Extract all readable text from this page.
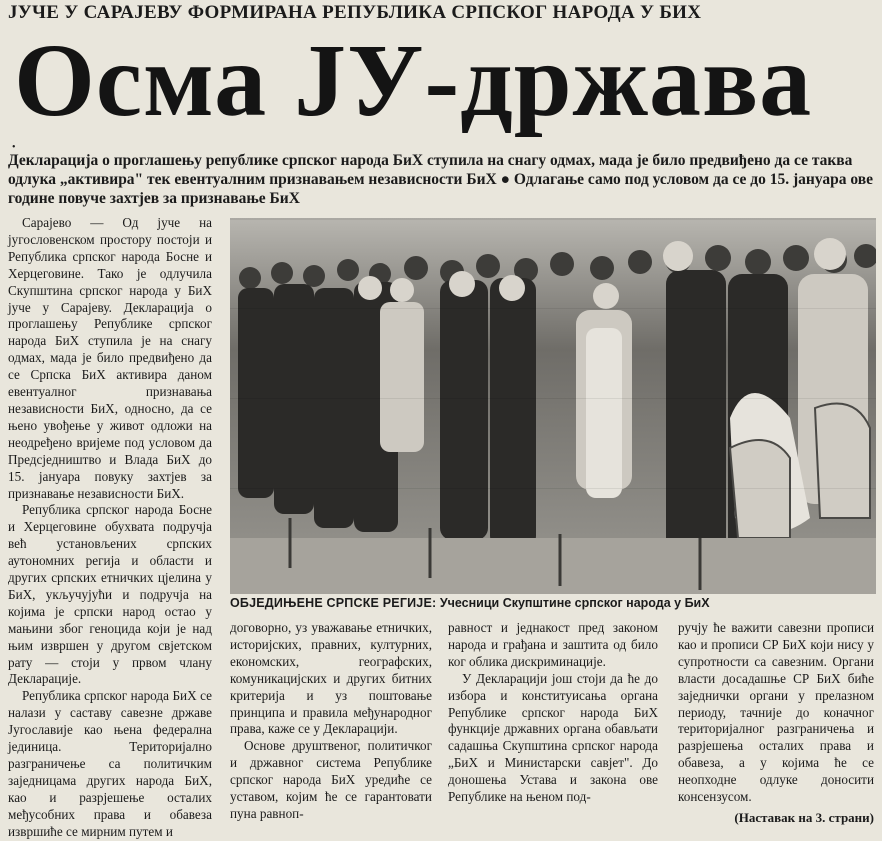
ЈУЧЕ У САРАЈЕВУ ФОРМИРАНА РЕПУБЛИКА СРПСКОГ НАРОДА У БИХ
Осма ЈУ-држава
•
Декларација о проглашењу републике српског народа БиХ ступила на снагу одмах, мада је било предвиђено да се таква одлука „активира" тек евентуалним признавањем независности БиХ ● Одлагање само под условом да се до 15. јануара ове године повуче захтјев за признавање БиХ

Сарајево — Од јуче на југословенском простору постоји и Република српског народа Босне и Херцеговине. Тако је одлучила Скупштина српског народа у БиХ јуче у Сарајеву. Декларација о проглашењу Републике српског народа БиХ ступила је на снагу одмах, мада је било предвиђено да се Српска БиХ активира даном евентуалног признавања независности БиХ, односно, да се њено увођење у живот одложи на неодређено вријеме под условом да Предсједништво и Влада БиХ до 15. јануара повуку захтјев за признавање независности БиХ.

Република српског народа Босне и Херцеговине обухвата подручја већ установљених српских аутономних регија и области и других српских етничких цјелина у БиХ, укључујући и подручја на којима је српски народ остао у мањини због геноцида који је над њим извршен у другом свјетском рату — стоји у првом члану Декларације.

Република српског народа БиХ се налази у саставу савезне државе Југославије као њена федерална јединица. Територијално разграничење са политичким заједницама других народа БиХ, као и разрјешење осталих међусобних права и обавеза извршиће се мирним путем и

ОБЈЕДИЊЕНЕ СРПСКЕ РЕГИЈЕ: Учесници Скупштине српског народа у БиХ

договорно, уз уважавање етничких, историјских, правних, културних, економских, географских, комуникацијских и других битних критерија и уз поштовање принципа и правила међународног права, каже се у Декларацији.

Основе друштвеног, политичког и државног система Републике српског народа БиХ уредиће се уставом, којим ће се гарантовати пуна равноп-

равност и једнакост пред законом народа и грађана и заштита од било ког облика дискриминације.

У Декларацији још стоји да ће до избора и конституисања органа Републике српског народа БиХ функције државних органа обављати садашња Скупштина српског народа „БиХ и Министарски савјет". До доношења Устава и закона ове Републике на њеном под-

ручју ће важити савезни прописи као и прописи СР БиХ који нису у супротности са савезним. Органи власти досадашње СР БиХ биће заједнички органи у прелазном периоду, тачније до коначног територијалног разграничења и разрјешења осталих права и обавеза, а у којима ће се неопходне одлуке доносити консензусом.

(Наставак на 3. страни)
